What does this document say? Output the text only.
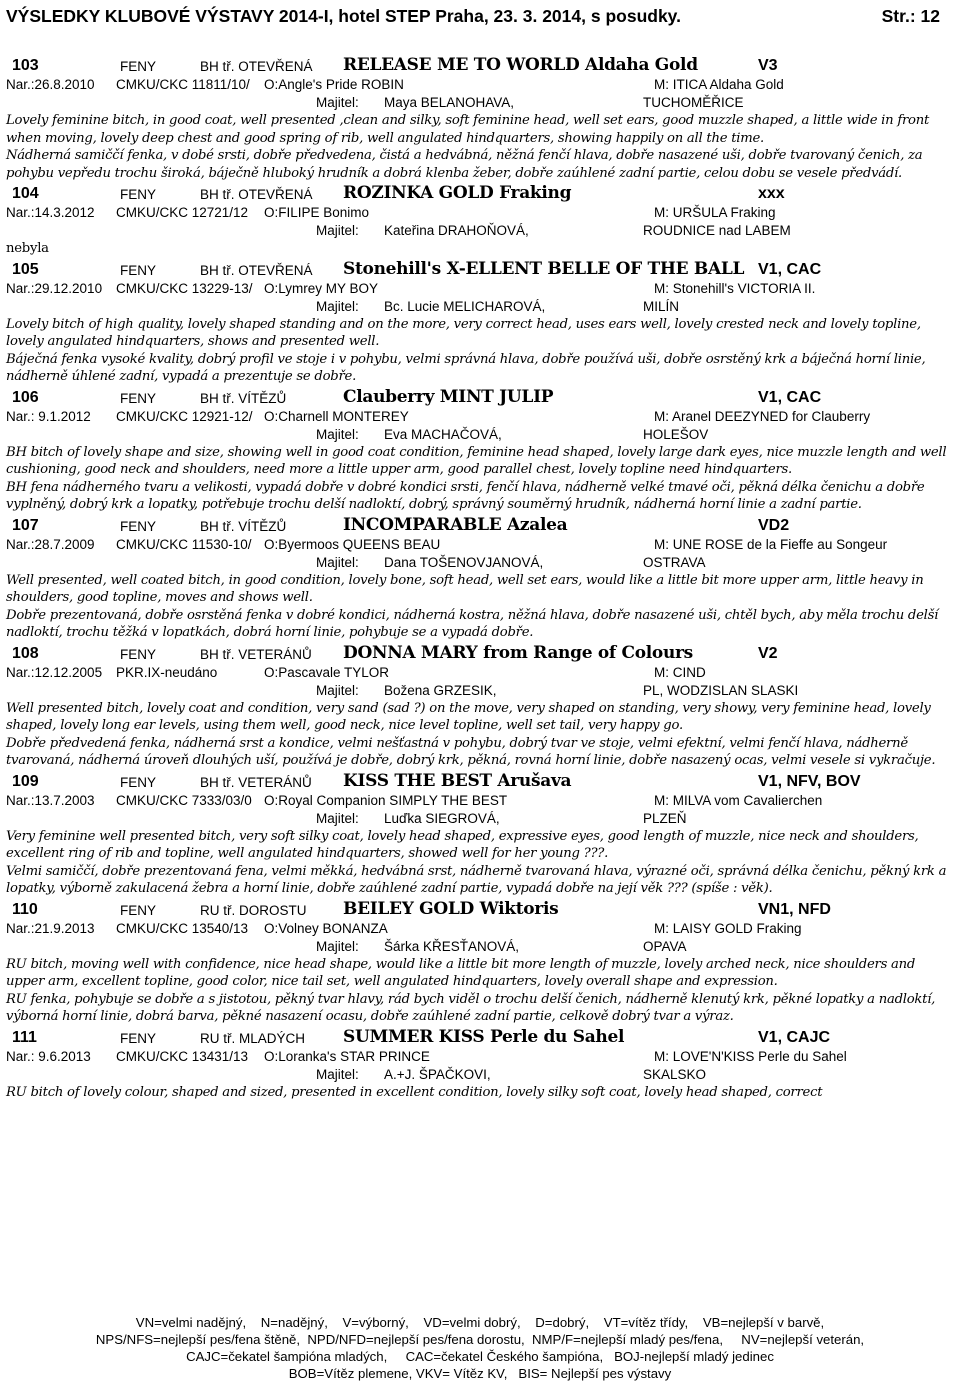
VÝSLEDKY KLUBOVÉ VÝSTAVY 2014-I, hotel STEP Praha, 23. 3. 2014, s posudky.	Str.: 12
103	FENY	BH tř. OTEVŘENÁ RELEASE ME TO WORLD Aldaha Gold	V3
Nar.:26.8.2010 CMKU/CKC 11811/10/ O:Angle's Pride ROBIN	M: ITICA Aldaha Gold
Majitel: Maya BELANOHAVA,	TUCHOMĚŘICE

Lovely feminine bitch, in good coat, well presented ,clean and silky, soft feminine head, well set ears, good muzzle shaped, a little wide in front when moving, lovely deep chest and good spring of rib, well angulated hindquarters, showing happily on all the time.

Nádherná samiččí fenka, v dobé srsti, dobře předvedena, čistá a hedvábná, něžná fenčí hlava, dobře nasazené uši, dobře tvarovaný čenich, za pohybu vepředu trochu široká, báječně hluboký hrudník a dobrá klenba žeber, dobře zaúhlené zadní partie, celou dobu se vesele předvádí.

104	FENY	BH tř. OTEVŘENÁ ROZINKA GOLD Fraking	xxx
Nar.:14.3.2012 CMKU/CKC 12721/12 O:FILIPE Bonimo	M: URŠULA Fraking
Majitel: Kateřina DRAHOŇOVÁ,	ROUDNICE nad LABEM

nebyla

105	FENY	BH tř. OTEVŘENÁ Stonehill's X-ELLENT BELLE OF THE BALL V1, CAC
Nar.:29.12.2010 CMKU/CKC 13229-13/ O:Lymrey MY BOY	M: Stonehill's VICTORIA II.
Majitel: Bc. Lucie MELICHAROVÁ,	MILÍN

Lovely bitch of high quality, lovely shaped standing and on the more, very correct head, uses ears well, lovely crested neck and lovely topline, lovely angulated hindquarters, shows and presented well.

Báječná fenka vysoké kvality, dobrý profil ve stoje i v pohybu, velmi správná hlava, dobře používá uši, dobře osrstěný krk a báječná horní linie, nádherně úhlené zadní, vypadá a prezentuje se dobře.

106	FENY	BH tř. VÍTĚZŮ	Clauberry MINT JULIP	V1, CAC
Nar.: 9.1.2012 CMKU/CKC 12921-12/ O:Charnell MONTEREY	M: Aranel DEEZYNED for Clauberry
Majitel: Eva MACHAČOVÁ,	HOLEŠOV

BH bitch of lovely shape and size, showing well in good coat condition, feminine head shaped, lovely large dark eyes, nice muzzle length and well cushioning, good neck and shoulders, need more a little upper arm, good parallel chest, lovely topline need hindquarters.

BH fena nádherného tvaru a velikosti, vypadá dobře v dobré kondici srsti, fenčí hlava, nádherně velké tmavé oči, pěkná délka čenichu a dobře vyplněný, dobrý krk a lopatky, potřebuje trochu delší nadloktí, dobrý, správný souměrný hrudník, nádherná horní linie a zadní partie.

107	FENY	BH tř. VÍTĚZŮ	INCOMPARABLE Azalea	VD2
Nar.:28.7.2009 CMKU/CKC 11530-10/ O:Byermoos QUEENS BEAU	M: UNE ROSE de la Fieffe au Songeur
Majitel: Dana TOŠENOVJANOVÁ,	OSTRAVA

Well presented, well coated bitch, in good condition, lovely bone, soft head, well set ears, would like a little bit more upper arm, little heavy in shoulders, good topline, moves and shows well.

Dobře prezentovaná, dobře osrstěná fenka v dobré kondici, nádherná kostra, něžná hlava, dobře nasazené uši, chtěl bych, aby měla trochu delší nadloktí, trochu těžká v lopatkách, dobrá horní linie, pohybuje se a vypadá dobře.

108	FENY	BH tř. VETERÁNŮ DONNA MARY from Range of Colours	V2
Nar.:12.12.2005 PKR.IX-neudáno	O:Pascavale TYLOR	M: CIND
Majitel: Božena GRZESIK,	PL, WODZISLAN SLASKI

Well presented bitch, lovely coat and condition, very sand (sad ?) on the move, very shaped on standing, very showy, very feminine head, lovely shaped, lovely long ear levels, using them well, good neck, nice level topline, well set tail, very happy go.

Dobře předvedená fenka, nádherná srst a kondice, velmi nešťastná v pohybu, dobrý tvar ve stoje, velmi efektní, velmi fenčí hlava, nádherně tvarovaná, nádherná úroveň dlouhých uší, používá je dobře, dobrý krk, pěkná, rovná horní linie, dobře nasazený ocas, velmi vesele si vykračuje.

109	FENY	BH tř. VETERÁNŮ KISS THE BEST Arušava	V1, NFV, BOV
Nar.:13.7.2003 CMKU/CKC 7333/03/0 O:Royal Companion SIMPLY THE BEST	M: MILVA vom Cavalierchen
Majitel: Luďka SIEGROVÁ,	PLZEŇ

Very feminine well presented bitch, very soft silky coat, lovely head shaped, expressive eyes, good length of muzzle, nice neck and shoulders, excellent ring of rib and topline, well angulated hindquarters, showed well for her young ???.

Velmi samiččí, dobře prezentovaná fena, velmi měkká, hedvábná srst, nádherně tvarovaná hlava, výrazné oči, správná délka čenichu, pěkný krk a lopatky, výborně zakulacená žebra a horní linie, dobře zaúhlené zadní partie, vypadá dobře na její věk ??? (spíše : věk).

110	FENY	RU tř. DOROSTU BEILEY GOLD Wiktoris	VN1, NFD
Nar.:21.9.2013 CMKU/CKC 13540/13 O:Volney BONANZA	M: LAISY GOLD Fraking
Majitel: Šárka KŘESŤANOVÁ,	OPAVA

RU bitch, moving well with confidence, nice head shape, would like a little bit more length of muzzle, lovely arched neck, nice shoulders and upper arm, excellent topline, good color, nice tail set, well angulated hindquarters, lovely overall shape and expression.

RU fenka, pohybuje se dobře a s jistotou, pěkný tvar hlavy, rád bych viděl o trochu delší čenich, nádherně klenutý krk, pěkné lopatky a nadloktí, výborná horní linie, dobrá barva, pěkné nasazení ocasu, dobře zaúhlené zadní partie, celkově dobrý tvar a výraz.

111	FENY	RU tř. MLADÝCH SUMMER KISS Perle du Sahel	V1, CAJC
Nar.: 9.6.2013 CMKU/CKC 13431/13 O:Loranka's STAR PRINCE	M: LOVE'N'KISS Perle du Sahel
Majitel: A.+J. ŠPAČKOVI,	SKALSKO

RU bitch of lovely colour, shaped and sized, presented in excellent condition, lovely silky soft coat, lovely head shaped, correct

VN=velmi nadějný,    N=nadějný,    V=výborný,    VD=velmi dobrý,    D=dobrý,    VT=vítěz třídy,    VB=nejlepší v barvě,
NPS/NFS=nejlepší pes/fena štěně,  NPD/NFD=nejlepší pes/fena dorostu,  NMP/F=nejlepší mladý pes/fena,     NV=nejlepší veterán,
CAJC=čekatel šampióna mladých,     CAC=čekatel Českého šampióna,   BOJ-nejlepší mladý jedinec
BOB=Vítěz plemene, VKV= Vítěz KV,   BIS= Nejlepší pes výstavy
